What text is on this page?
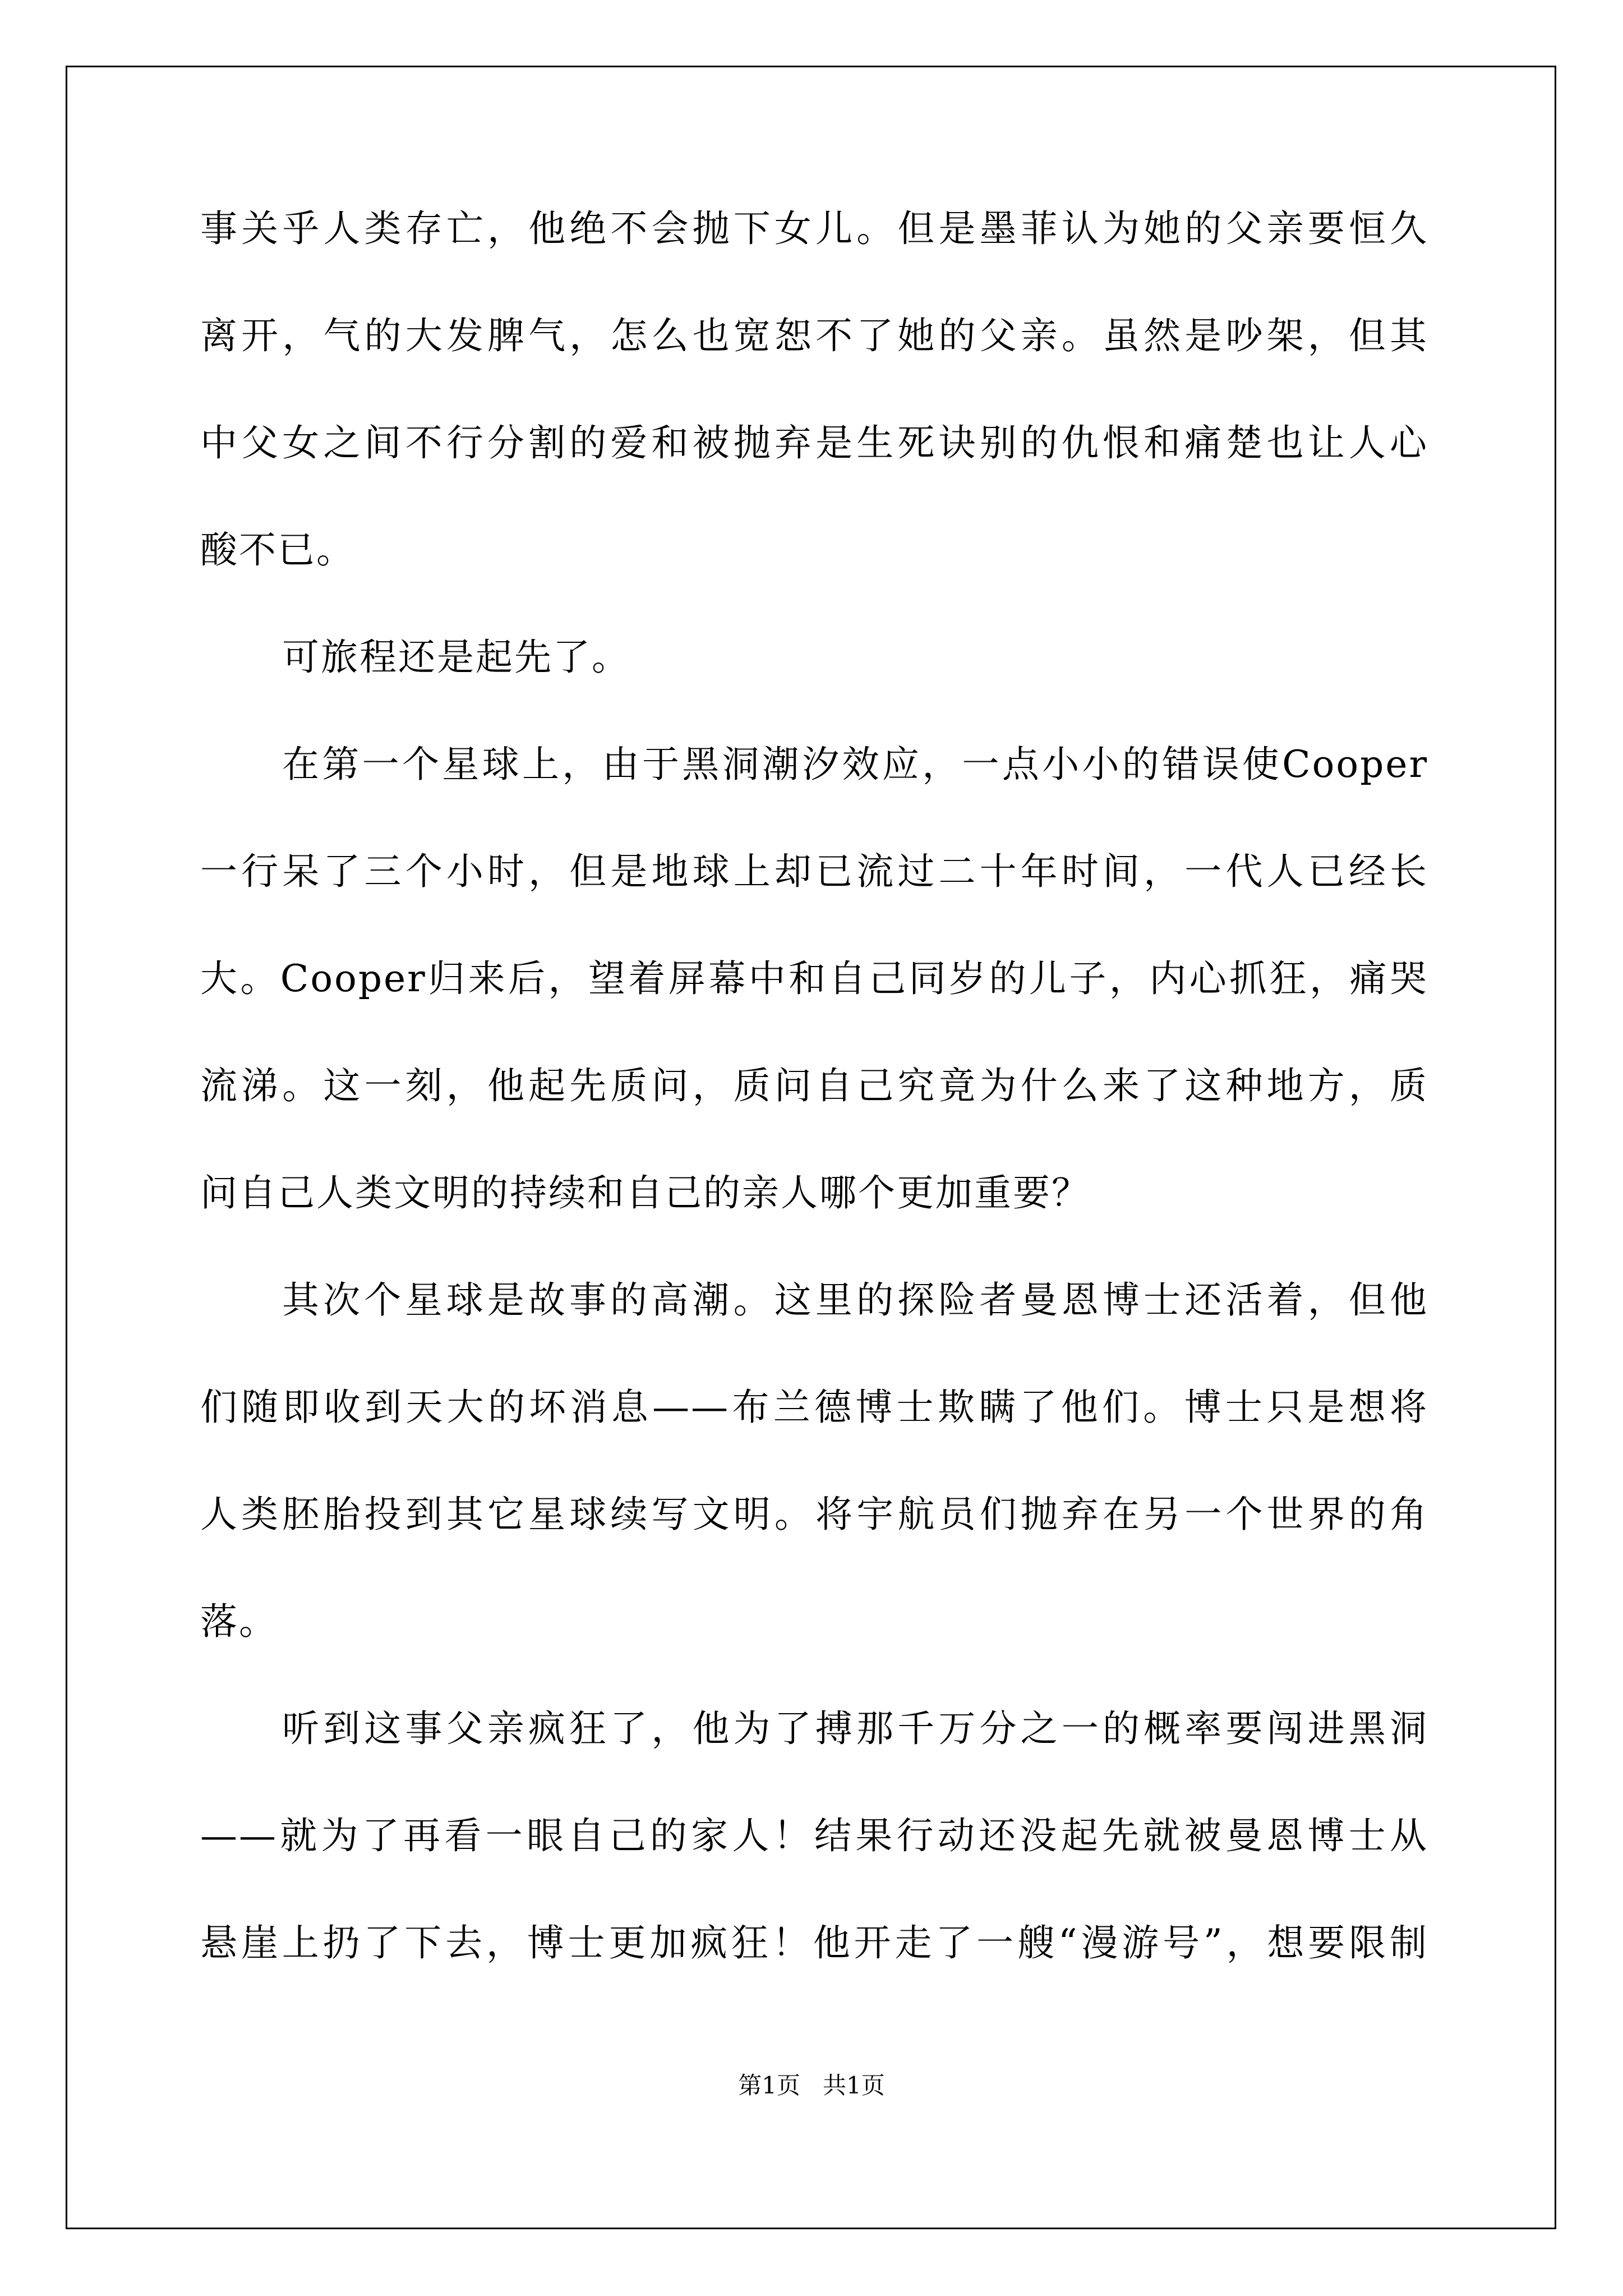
事关乎人类存亡，他绝不会抛下女儿。但是墨菲认为她的父亲要恒久
离开，气的大发脾气，怎么也宽恕不了她的父亲。虽然是吵架，但其
中父女之间不行分割的爱和被抛弃是生死诀别的仇恨和痛楚也让人心
酸不已。
可旅程还是起先了。
在第一个星球上，由于黑洞潮汐效应，一点小小的错误使Cooper
一行呆了三个小时，但是地球上却已流过二十年时间，一代人已经长
大。Cooper归来后，望着屏幕中和自己同岁的儿子，内心抓狂，痛哭
流涕。这一刻，他起先质问，质问自己究竟为什么来了这种地方，质
问自己人类文明的持续和自己的亲人哪个更加重要？
其次个星球是故事的高潮。这里的探险者曼恩博士还活着，但他
们随即收到天大的坏消息——布兰德博士欺瞒了他们。博士只是想将
人类胚胎投到其它星球续写文明。将宇航员们抛弃在另一个世界的角
落。
听到这事父亲疯狂了，他为了搏那千万分之一的概率要闯进黑洞
——就为了再看一眼自己的家人！结果行动还没起先就被曼恩博士从
悬崖上扔了下去，博士更加疯狂！他开走了一艘“漫游号”，想要限制
第1页 共1页
